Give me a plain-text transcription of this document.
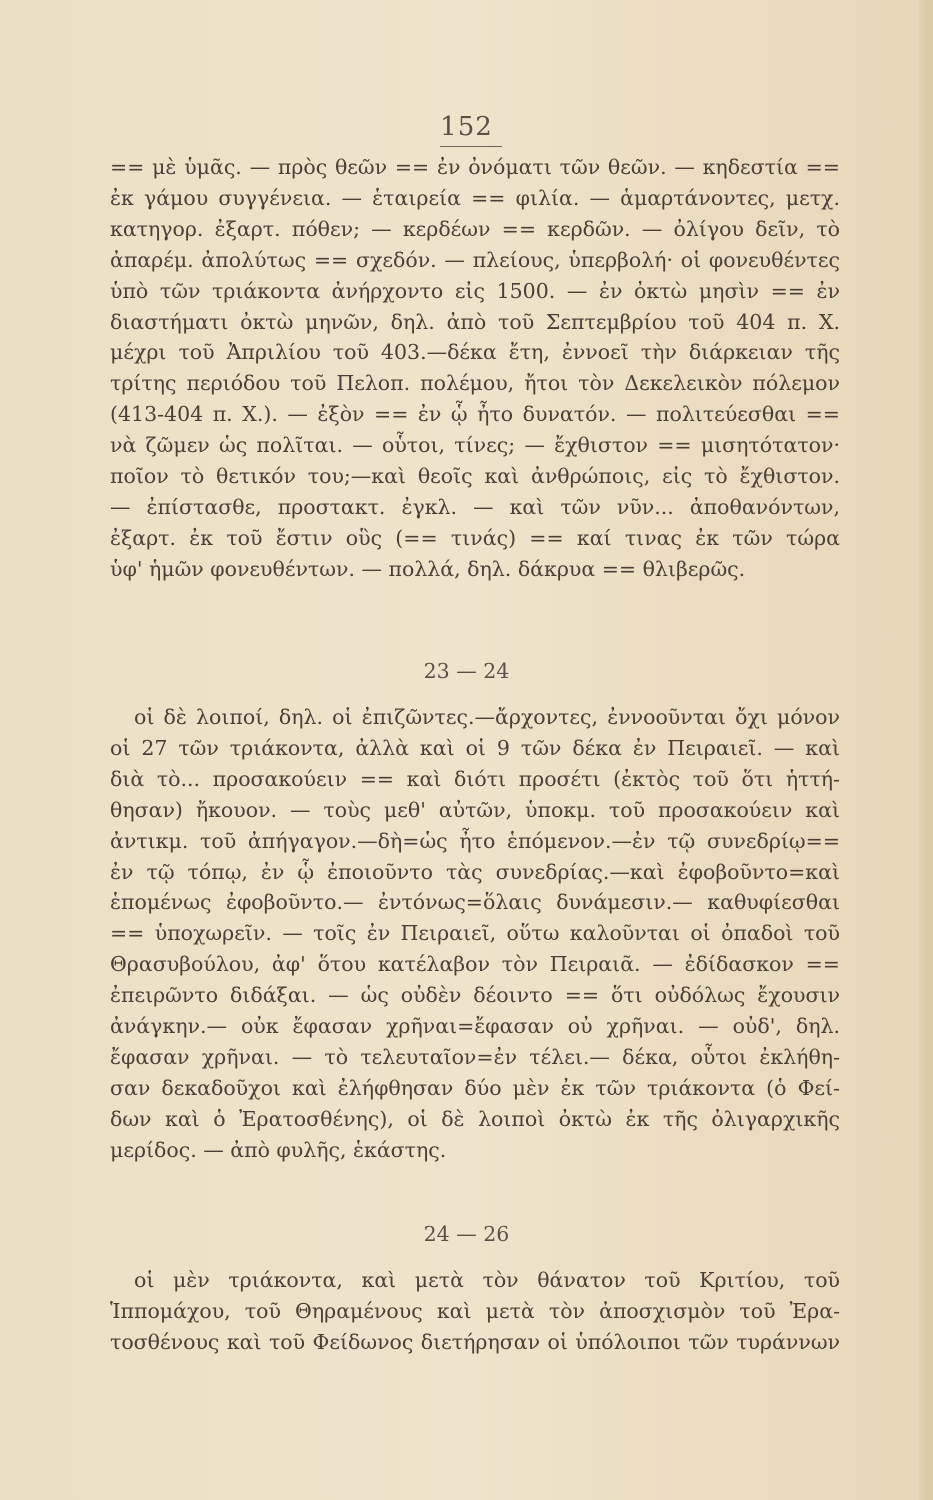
152
== μὲ ὑμᾶς. — πρὸς θεῶν == ἐν ὀνόματι τῶν θεῶν. — κηδεστία ==
ἐκ γάμου συγγένεια. — ἑταιρεία == φιλία. — ἁμαρτάνοντες, μετχ.
κατηγορ. ἐξαρτ. πόθεν; — κερδέων == κερδῶν. — ὀλίγου δεῖν, τὸ
ἀπαρέμ. ἀπολύτως == σχεδόν. — πλείους, ὑπερβολή· οἱ φονευθέντες
ὑπὸ τῶν τριάκοντα ἀνήρχοντο εἰς 1500. — ἐν ὀκτὼ μησὶν == ἐν
διαστήματι ὀκτὼ μηνῶν, δηλ. ἀπὸ τοῦ Σεπτεμβρίου τοῦ 404 π. Χ.
μέχρι τοῦ Ἀπριλίου τοῦ 403.—δέκα ἔτη, ἐννοεῖ τὴν διάρκειαν τῆς
τρίτης περιόδου τοῦ Πελοπ. πολέμου, ἤτοι τὸν Δεκελεικὸν πόλεμον
(413-404 π. Χ.). — ἐξὸν == ἐν ᾧ ἦτο δυνατόν. — πολιτεύεσθαι ==
νὰ ζῶμεν ὡς πολῖται. — οὗτοι, τίνες; — ἔχθιστον == μισητότατον·
ποῖον τὸ θετικόν του;—καὶ θεοῖς καὶ ἀνθρώποις, εἰς τὸ ἔχθιστον.
— ἐπίστασθε, προστακτ. ἐγκλ. — καὶ τῶν νῦν... ἀποθανόντων,
ἐξαρτ. ἐκ τοῦ ἔστιν οὓς (== τινάς) == καί τινας ἐκ τῶν τώρα
ὑφ' ἡμῶν φονευθέντων. — πολλά, δηλ. δάκρυα == θλιβερῶς.
23 — 24
οἱ δὲ λοιποί, δηλ. οἱ ἐπιζῶντες.—ἄρχοντες, ἐννοοῦνται ὄχι μόνον
οἱ 27 τῶν τριάκοντα, ἀλλὰ καὶ οἱ 9 τῶν δέκα ἐν Πειραιεῖ. — καὶ
διὰ τὸ... προσακούειν == καὶ διότι προσέτι (ἐκτὸς τοῦ ὅτι ἡττή-
θησαν) ἤκουον. — τοὺς μεθ' αὐτῶν, ὑποκμ. τοῦ προσακούειν καὶ
ἀντικμ. τοῦ ἀπήγαγον.—δὴ=ὡς ἦτο ἑπόμενον.—ἐν τῷ συνεδρίῳ==
ἐν τῷ τόπῳ, ἐν ᾧ ἐποιοῦντο τὰς συνεδρίας.—καὶ ἐφοβοῦντο=καὶ
ἑπομένως ἐφοβοῦντο.— ἐντόνως=ὅλαις δυνάμεσιν.— καθυφίεσθαι
== ὑποχωρεῖν. — τοῖς ἐν Πειραιεῖ, οὕτω καλοῦνται οἱ ὀπαδοὶ τοῦ
Θρασυβούλου, ἀφ' ὅτου κατέλαβον τὸν Πειραιᾶ. — ἐδίδασκον ==
ἐπειρῶντο διδάξαι. — ὡς οὐδὲν δέοιντο == ὅτι οὐδόλως ἔχουσιν
ἀνάγκην.— οὐκ ἔφασαν χρῆναι=ἔφασαν οὐ χρῆναι. — οὐδ', δηλ.
ἔφασαν χρῆναι. — τὸ τελευταῖον=ἐν τέλει.— δέκα, οὗτοι ἐκλήθη-
σαν δεκαδοῦχοι καὶ ἐλήφθησαν δύο μὲν ἐκ τῶν τριάκοντα (ὁ Φεί-
δων καὶ ὁ Ἐρατοσθένης), οἱ δὲ λοιποὶ ὀκτὼ ἐκ τῆς ὀλιγαρχικῆς
μερίδος. — ἀπὸ φυλῆς, ἑκάστης.
24 — 26
οἱ μὲν τριάκοντα, καὶ μετὰ τὸν θάνατον τοῦ Κριτίου, τοῦ
Ἱππομάχου, τοῦ Θηραμένους καὶ μετὰ τὸν ἀποσχισμὸν τοῦ Ἐρα-
τοσθένους καὶ τοῦ Φείδωνος διετήρησαν οἱ ὑπόλοιποι τῶν τυράννων
